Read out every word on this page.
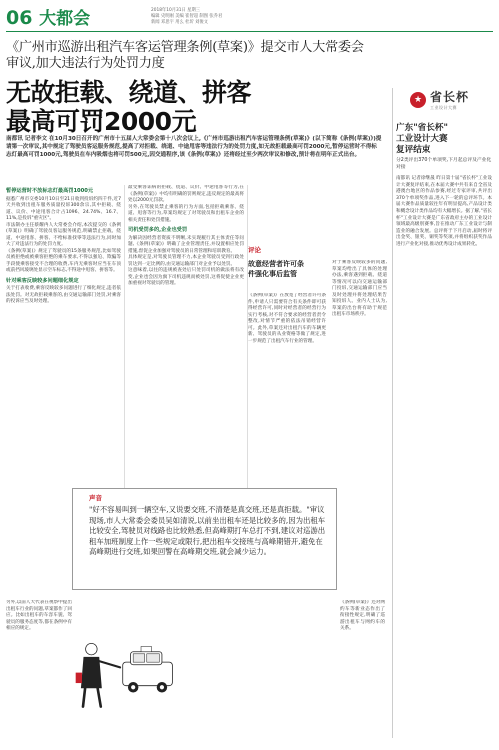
06 大都会	2018年10月31日 星期三
编辑 史明刚 美编 崔智超 制图 张乔君
新闻 邓思宇 用么 杜圻 刘俊文
《广州市巡游出租汽车客运管理条例(草案)》提交市人大常委会审议,加大违法行为处罚力度
无故拒载、绕道、拼客
最高可罚2000元
南都讯 记者李文 在10月30日召开的广州市十五届人大常委会第十八次会议上,《广州市巡游出租汽车客运管理条例(草案)》(以下简称《条例(草案)》)提请第一次审议,其中规定了驾驶员客运服务规范,提高了对拒载、绕道、中途甩客等违法行为的处罚力度,如无故拒载最高可罚2000元,暂停运营时不得标志灯最高可罚1000元,驾驶员在车内吸烟也将可罚500元,因交通程序,该《条例(草案)》还将经过至少两次审议和修改,预计将在明年正式出台。
暂停运营时不放标志灯最高罚1000元

据悉广州市交委10月10日至21日收到投诉约四千件,近7天共收到出租车服务质量投诉300余宗,其中拒载、绕道、议价、中途甩客合计占1096、24.74%、16.7、11%,是投诉"重灾区"。

市法制办主任蔡耀冉人大常委会介绍,本次提交的《条例(草案)》明确了驾驶员客运服务规范,明确禁止拒载、绕道、中途甩客、拼客、不给标准找零等违法行为,同时加大了对违法行为的处罚力度。

《条例(草案)》规定了驾驶员的15条服务规范,比如驾驶员被拒绝或被乘客拒绝的乘车要求,不得以强迫、欺骗等手段使乘客接受不合理的收费,车内无乘客时应当在车顶或前挡风玻璃处显示空车标志,不得途中甩客、拼客等。

针对乘客反映较多问题细化规定

关于打表收费,乘客反映较多问题进行了细化规定,违者依法处罚。对无故拒载乘客的,由交通运输部门处罚,对乘客的投诉应当及时处理。

最受乘客诟病的拒载、绕道、议价、中途甩客等行为,在《条例(草案)》中均有明确的罚则规定,违反规定的最高将处以2000元罚款。

另外,在驾驶员禁止乘客的行为方面,包括拒载乘客、绕道、甩客等行为,草案均规定了对驾驶员和出租车企业的相关责任和处罚措施。

司机受罚多的,企业也受罚

为解决因经营者资质不明晰,未实现履行其主体责任等问题,《条例(草案)》明确了企业管理责任,并设置相应处罚措施,督促企业加强对驾驶员的日常管理和培训教育。

具体规定是,对驾驶员管理不力,本企业驾驶员受到行政处罚达到一定比例的,由交通运输部门对企业予以处罚。

这意味着,以往的违规被查处后只处罚司机的做法将有改变,企业也会因为旗下司机违规而被处罚,这将促使企业更加重视对驾驶员的管理。

评论
故意经营者许可条件强化事后监管
《条例(草案)》在放宽了经营者许可条件,申请人只需要符合有关条件即可获得经营许可,同时对经营者的经营行为实行考核,对不符合要求的经营者责令整改,对情节严重的依法吊销经营许可。此外,草案还对出租汽车的车辆更新、驾驶员的从业资格等做了规定,进一步规范了出租汽车行业的管理。
对于乘客反映较多的问题,草案均给出了具体的处理办法,乘客遇到拒载、绕道等情况可以向交通运输部门投诉,交通运输部门应当及时处理并将处理结果告知投诉人。业内人士认为,草案的出台将有助于规范出租车市场秩序。
另外,以前人大代表在视察中提出出租车行业的问题,草案都作了回应。比如出租车的车容车貌、驾驶员的服务态度等,都在条例中有相应的规定。
《条例(草案)》还对网约车等新业态作出了衔接性规定,明确了巡游出租车与网约车的关系。
声音
"好不容易叫到一辆空车,又说要交班,不清楚是真交班,还是真拒载。"审议现场,市人大常委会委员吴如清说,以前坐出租车还是比较多的,因为出租车比较安全,驾驶员对线路也比较熟悉,但高峰期打车总打不到,建议对巡游出租车加班制度上作一些规定或限行,把出租车交接班与高峰期错开,避免在高峰期进行交班,如果回警在高峰期交班,就会减少运力。
★ 省长杯
工业设计大赛
广东"省长杯"
工业设计大赛
复评结束
分2类评出370个单项奖,下月起总评及产业化对接
南都讯 记者徐继晟 昨日第十届"省长杯"工业设计大赛复评结束,在本届大赛中共有来自全省及港澳台地区的作品参赛,经过专家评审,共评出370个单项奖作品,进入下一轮的总评环节。本届大赛作品质量较往年有明显提高,产品设计类和概念设计类作品均有大幅增长。据了解,"省长杯"工业设计大赛是广东省政府主办的工业设计领域最高级别赛事,旨在推动广东工业设计与制造业的融合发展。总评将于下月启动,届时将评出金奖、银奖、铜奖等奖项,并将组织获奖作品进行产业化对接,推动优秀设计成果转化。
